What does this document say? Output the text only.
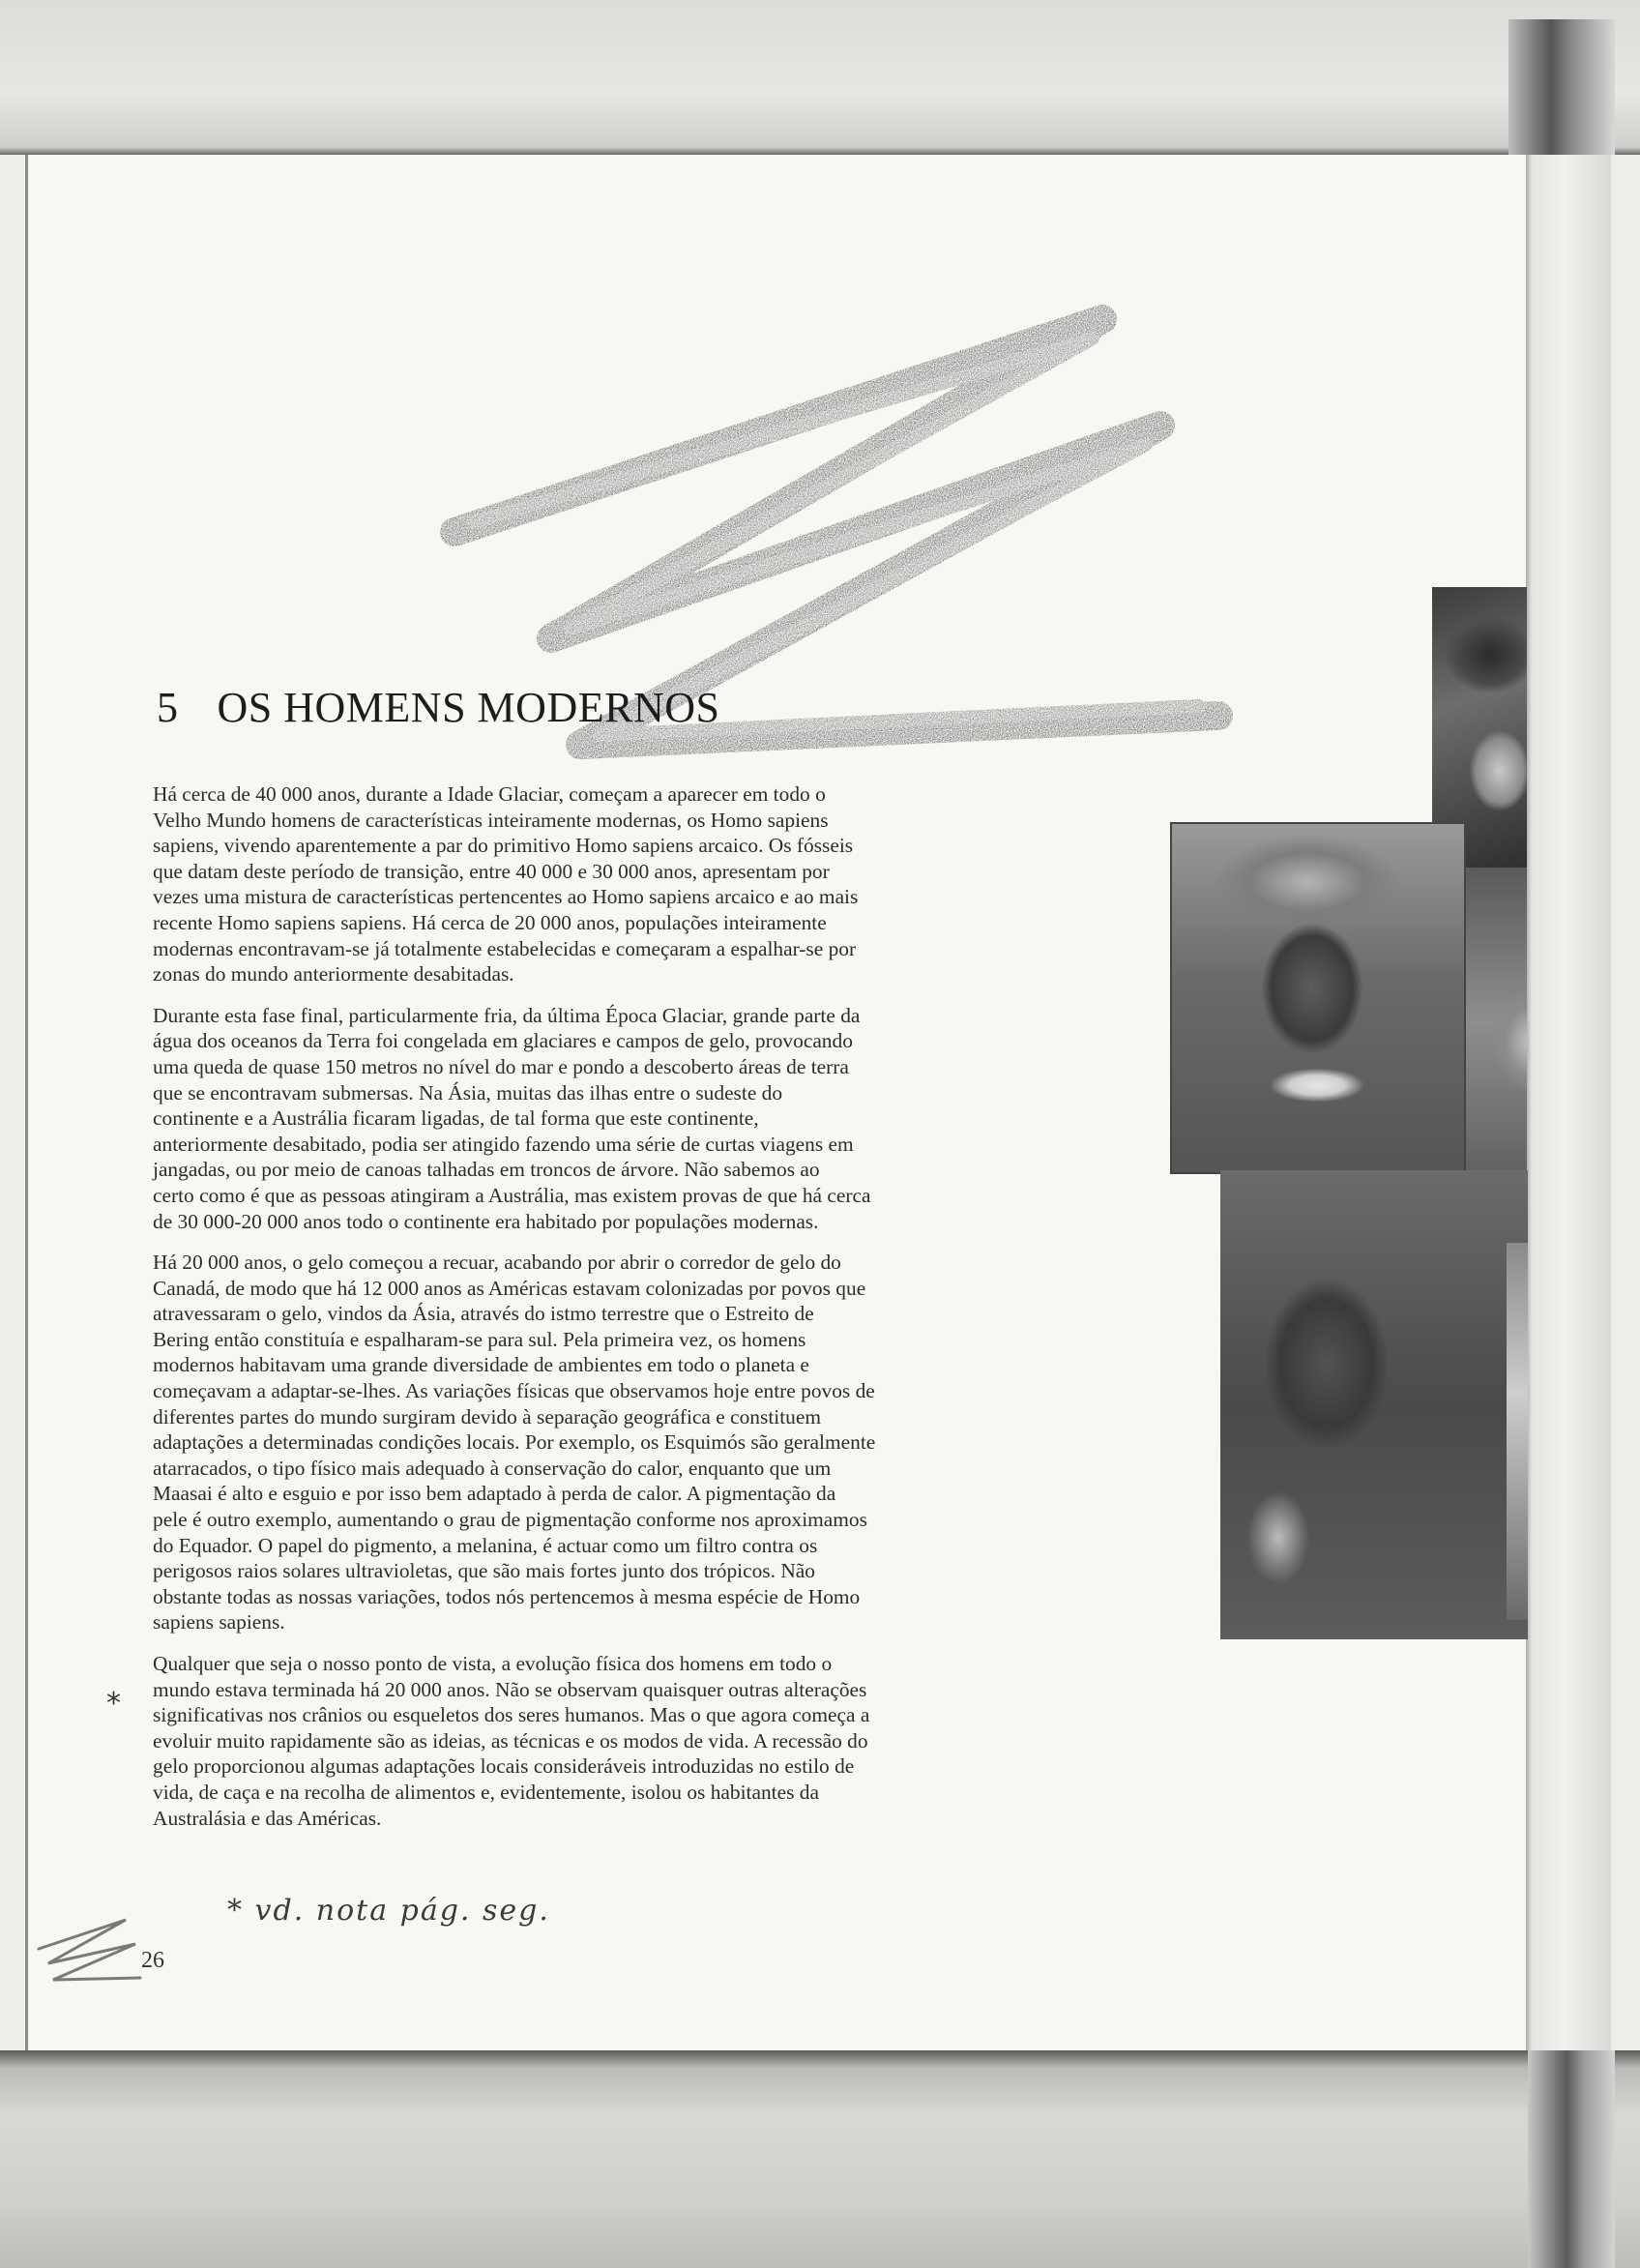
5 OS HOMENS MODERNOS

Há cerca de 40 000 anos, durante a Idade Glaciar, começam a aparecer em todo o

Velho Mundo homens de características inteiramente modernas, os Homo sapiens

sapiens, vivendo aparentemente a par do primitivo Homo sapiens arcaico. Os fósseis

que datam deste período de transição, entre 40 000 e 30 000 anos, apresentam por

vezes uma mistura de características pertencentes ao Homo sapiens arcaico e ao mais

recente Homo sapiens sapiens. Há cerca de 20 000 anos, populações inteiramente

modernas encontravam-se já totalmente estabelecidas e começaram a espalhar-se por

zonas do mundo anteriormente desabitadas.

Durante esta fase final, particularmente fria, da última Época Glaciar, grande parte da

água dos oceanos da Terra foi congelada em glaciares e campos de gelo, provocando

uma queda de quase 150 metros no nível do mar e pondo a descoberto áreas de terra

que se encontravam submersas. Na Ásia, muitas das ilhas entre o sudeste do

continente e a Austrália ficaram ligadas, de tal forma que este continente,

anteriormente desabitado, podia ser atingido fazendo uma série de curtas viagens em

jangadas, ou por meio de canoas talhadas em troncos de árvore. Não sabemos ao

certo como é que as pessoas atingiram a Austrália, mas existem provas de que há cerca

de 30 000-20 000 anos todo o continente era habitado por populações modernas.

Há 20 000 anos, o gelo começou a recuar, acabando por abrir o corredor de gelo do

Canadá, de modo que há 12 000 anos as Américas estavam colonizadas por povos que

atravessaram o gelo, vindos da Ásia, através do istmo terrestre que o Estreito de

Bering então constituía e espalharam-se para sul. Pela primeira vez, os homens

modernos habitavam uma grande diversidade de ambientes em todo o planeta e

começavam a adaptar-se-lhes. As variações físicas que observamos hoje entre povos de

diferentes partes do mundo surgiram devido à separação geográfica e constituem

adaptações a determinadas condições locais. Por exemplo, os Esquimós são geralmente

atarracados, o tipo físico mais adequado à conservação do calor, enquanto que um

Maasai é alto e esguio e por isso bem adaptado à perda de calor. A pigmentação da

pele é outro exemplo, aumentando o grau de pigmentação conforme nos aproximamos

do Equador. O papel do pigmento, a melanina, é actuar como um filtro contra os

perigosos raios solares ultravioletas, que são mais fortes junto dos trópicos. Não

obstante todas as nossas variações, todos nós pertencemos à mesma espécie de Homo

sapiens sapiens.

Qualquer que seja o nosso ponto de vista, a evolução física dos homens em todo o

mundo estava terminada há 20 000 anos. Não se observam quaisquer outras alterações

significativas nos crânios ou esqueletos dos seres humanos. Mas o que agora começa a

evoluir muito rapidamente são as ideias, as técnicas e os modos de vida. A recessão do

gelo proporcionou algumas adaptações locais consideráveis introduzidas no estilo de

vida, de caça e na recolha de alimentos e, evidentemente, isolou os habitantes da

Australásia e das Américas.

*
* vd. nota pág. seg.
26
